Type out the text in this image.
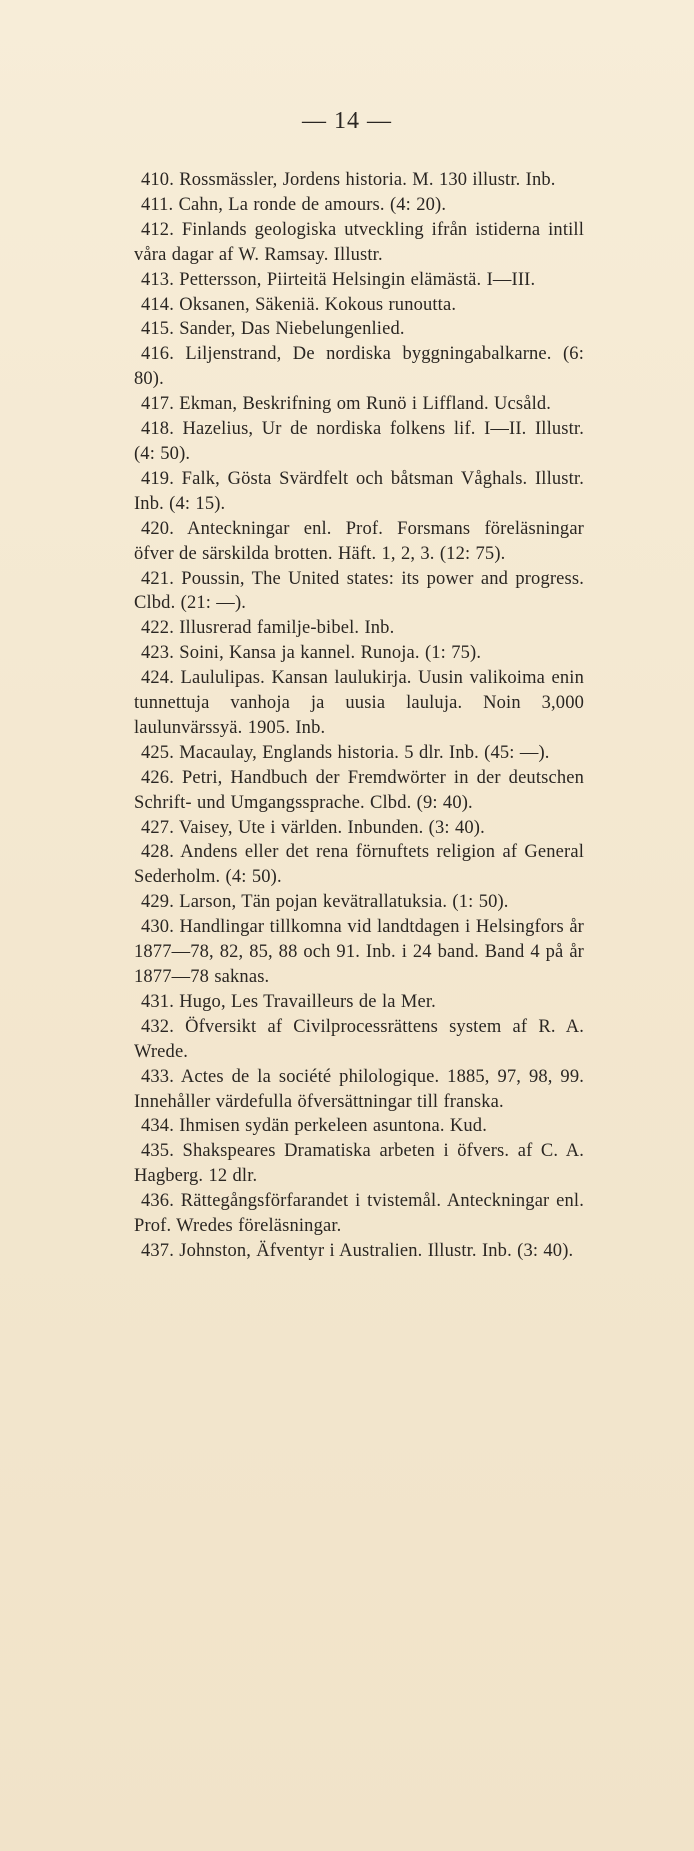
— 14 —
410. Rossmässler, Jordens historia. M. 130 illustr. Inb.
411. Cahn, La ronde de amours. (4: 20).
412. Finlands geologiska utveckling ifrån istiderna intill våra dagar af W. Ramsay. Illustr.
413. Pettersson, Piirteitä Helsingin elämästä. I—III.
414. Oksanen, Säkeniä. Kokous runoutta.
415. Sander, Das Niebelungenlied.
416. Liljenstrand, De nordiska byggningabalkarne. (6: 80).
417. Ekman, Beskrifning om Runö i Liffland. Ucsåld.
418. Hazelius, Ur de nordiska folkens lif. I—II. Illustr. (4: 50).
419. Falk, Gösta Svärdfelt och båtsman Våghals. Illustr. Inb. (4: 15).
420. Anteckningar enl. Prof. Forsmans föreläsningar öfver de särskilda brotten. Häft. 1, 2, 3. (12: 75).
421. Poussin, The United states: its power and progress. Clbd. (21: —).
422. Illusrerad familje-bibel. Inb.
423. Soini, Kansa ja kannel. Runoja. (1: 75).
424. Laululipas. Kansan laulukirja. Uusin valikoima enin tunnettuja vanhoja ja uusia lauluja. Noin 3,000 laulunvärssyä. 1905. Inb.
425. Macaulay, Englands historia. 5 dlr. Inb. (45: —).
426. Petri, Handbuch der Fremdwörter in der deutschen Schrift- und Umgangssprache. Clbd. (9: 40).
427. Vaisey, Ute i världen. Inbunden. (3: 40).
428. Andens eller det rena förnuftets religion af General Sederholm. (4: 50).
429. Larson, Tän pojan kevätrallatuksia. (1: 50).
430. Handlingar tillkomna vid landtdagen i Helsingfors år 1877—78, 82, 85, 88 och 91. Inb. i 24 band. Band 4 på år 1877—78 saknas.
431. Hugo, Les Travailleurs de la Mer.
432. Öfversikt af Civilprocessrättens system af R. A. Wrede.
433. Actes de la société philologique. 1885, 97, 98, 99. Innehåller värdefulla öfversättningar till franska.
434. Ihmisen sydän perkeleen asuntona. Kud.
435. Shakspeares Dramatiska arbeten i öfvers. af C. A. Hagberg. 12 dlr.
436. Rättegångsförfarandet i tvistemål. Anteckningar enl. Prof. Wredes föreläsningar.
437. Johnston, Äfventyr i Australien. Illustr. Inb. (3: 40).
